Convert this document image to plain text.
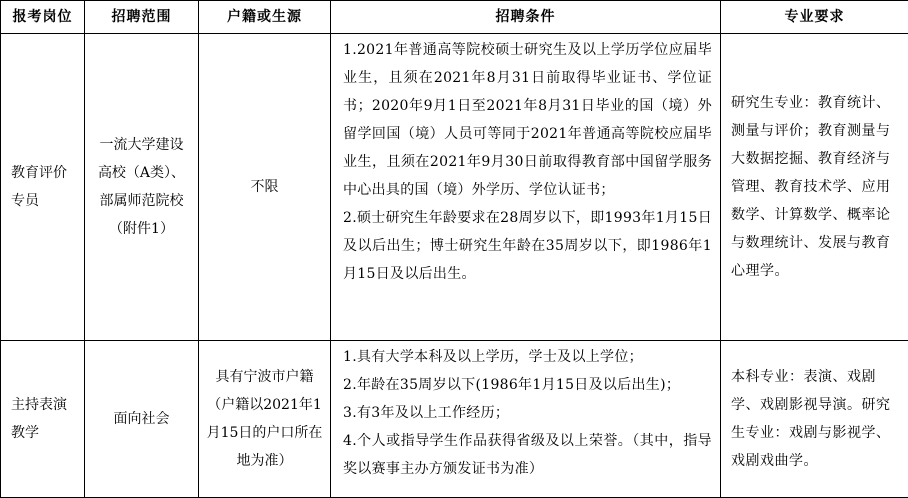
报考岗位	招聘范围	户籍或生源	招聘条件	专业要求

教育评价专员	一流大学建设高校（A类）、部属师范院校（附件1）	不限	1.2021年普通高等院校硕士研究生及以上学历学位应届毕业生，且须在2021年8月31日前取得毕业证书、学位证书；2020年9月1日至2021年8月31日毕业的国（境）外留学回国（境）人员可等同于2021年普通高等院校应届毕业生，且须在2021年9月30日前取得教育部中国留学服务中心出具的国（境）外学历、学位认证书；
2.硕士研究生年龄要求在28周岁以下，即1993年1月15日及以后出生；博士研究生年龄在35周岁以下，即1986年1月15日及以后出生。	研究生专业：教育统计、测量与评价；教育测量与大数据挖掘、教育经济与管理、教育技术学、应用数学、计算数学、概率论与数理统计、发展与教育心理学。

主持表演教学	面向社会	具有宁波市户籍（户籍以2021年1月15日的户口所在地为准）	1.具有大学本科及以上学历，学士及以上学位；
2.年龄在35周岁以下(1986年1月15日及以后出生)；
3.有3年及以上工作经历；
4.个人或指导学生作品获得省级及以上荣誉。（其中，指导奖以赛事主办方颁发证书为准）	本科专业：表演、戏剧学、戏剧影视导演。研究生专业：戏剧与影视学、戏剧戏曲学。
